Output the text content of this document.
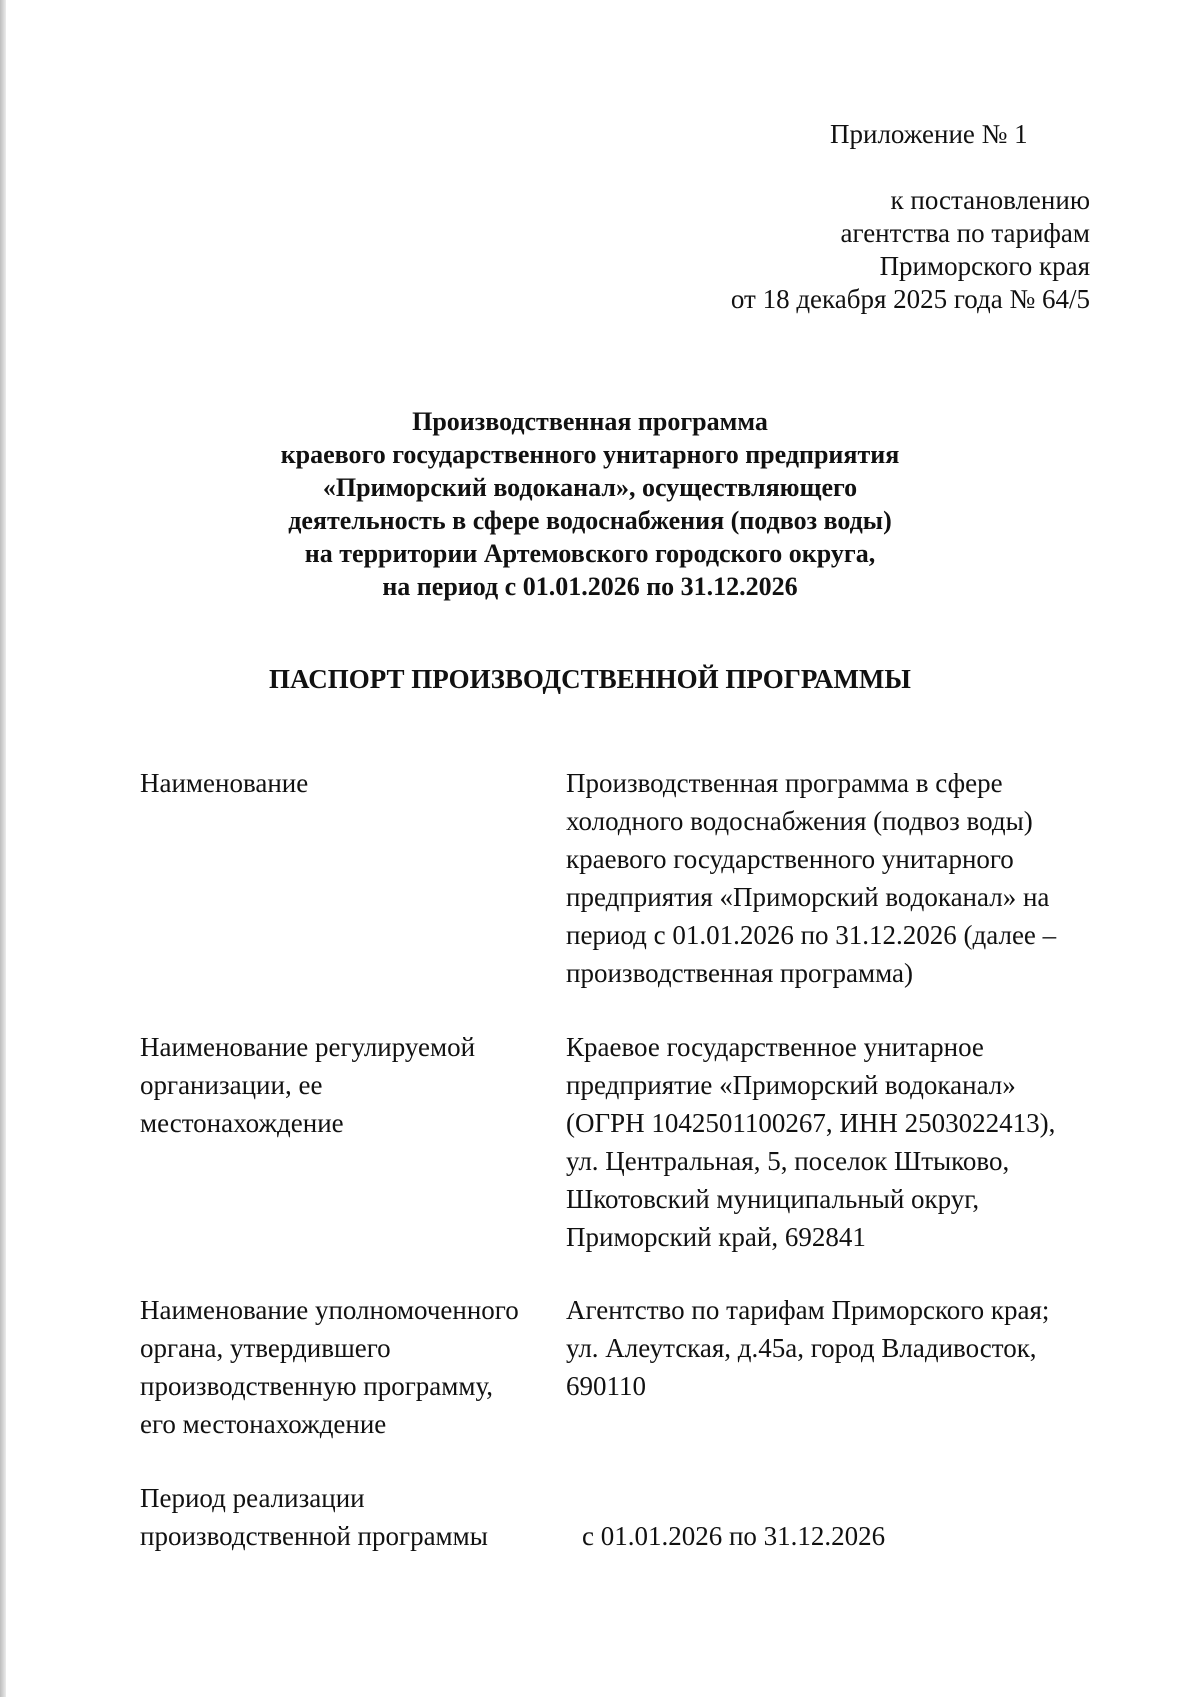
Приложение № 1
к постановлению
агентства по тарифам
Приморского края
от 18 декабря 2025 года № 64/5
Производственная программа
краевого государственного унитарного предприятия
«Приморский водоканал», осуществляющего
деятельность в сфере водоснабжения (подвоз воды)
на территории Артемовского городского округа,
на период с 01.01.2026 по 31.12.2026
ПАСПОРТ ПРОИЗВОДСТВЕННОЙ ПРОГРАММЫ
Наименование	Производственная программа в сфере
холодного водоснабжения (подвоз воды)
краевого государственного унитарного
предприятия «Приморский водоканал» на
период с 01.01.2026 по 31.12.2026 (далее –
производственная программа)
Наименование регулируемой
организации, ее
местонахождение
Краевое государственное унитарное
предприятие «Приморский водоканал»
(ОГРН 1042501100267, ИНН 2503022413),
ул. Центральная, 5, поселок Штыково,
Шкотовский муниципальный округ,
Приморский край, 692841
Наименование уполномоченного
органа, утвердившего
производственную программу,
его местонахождение
Агентство по тарифам Приморского края;
ул. Алеутская, д.45а, город Владивосток,
690110
Период реализации
производственной программы	с 01.01.2026 по 31.12.2026
